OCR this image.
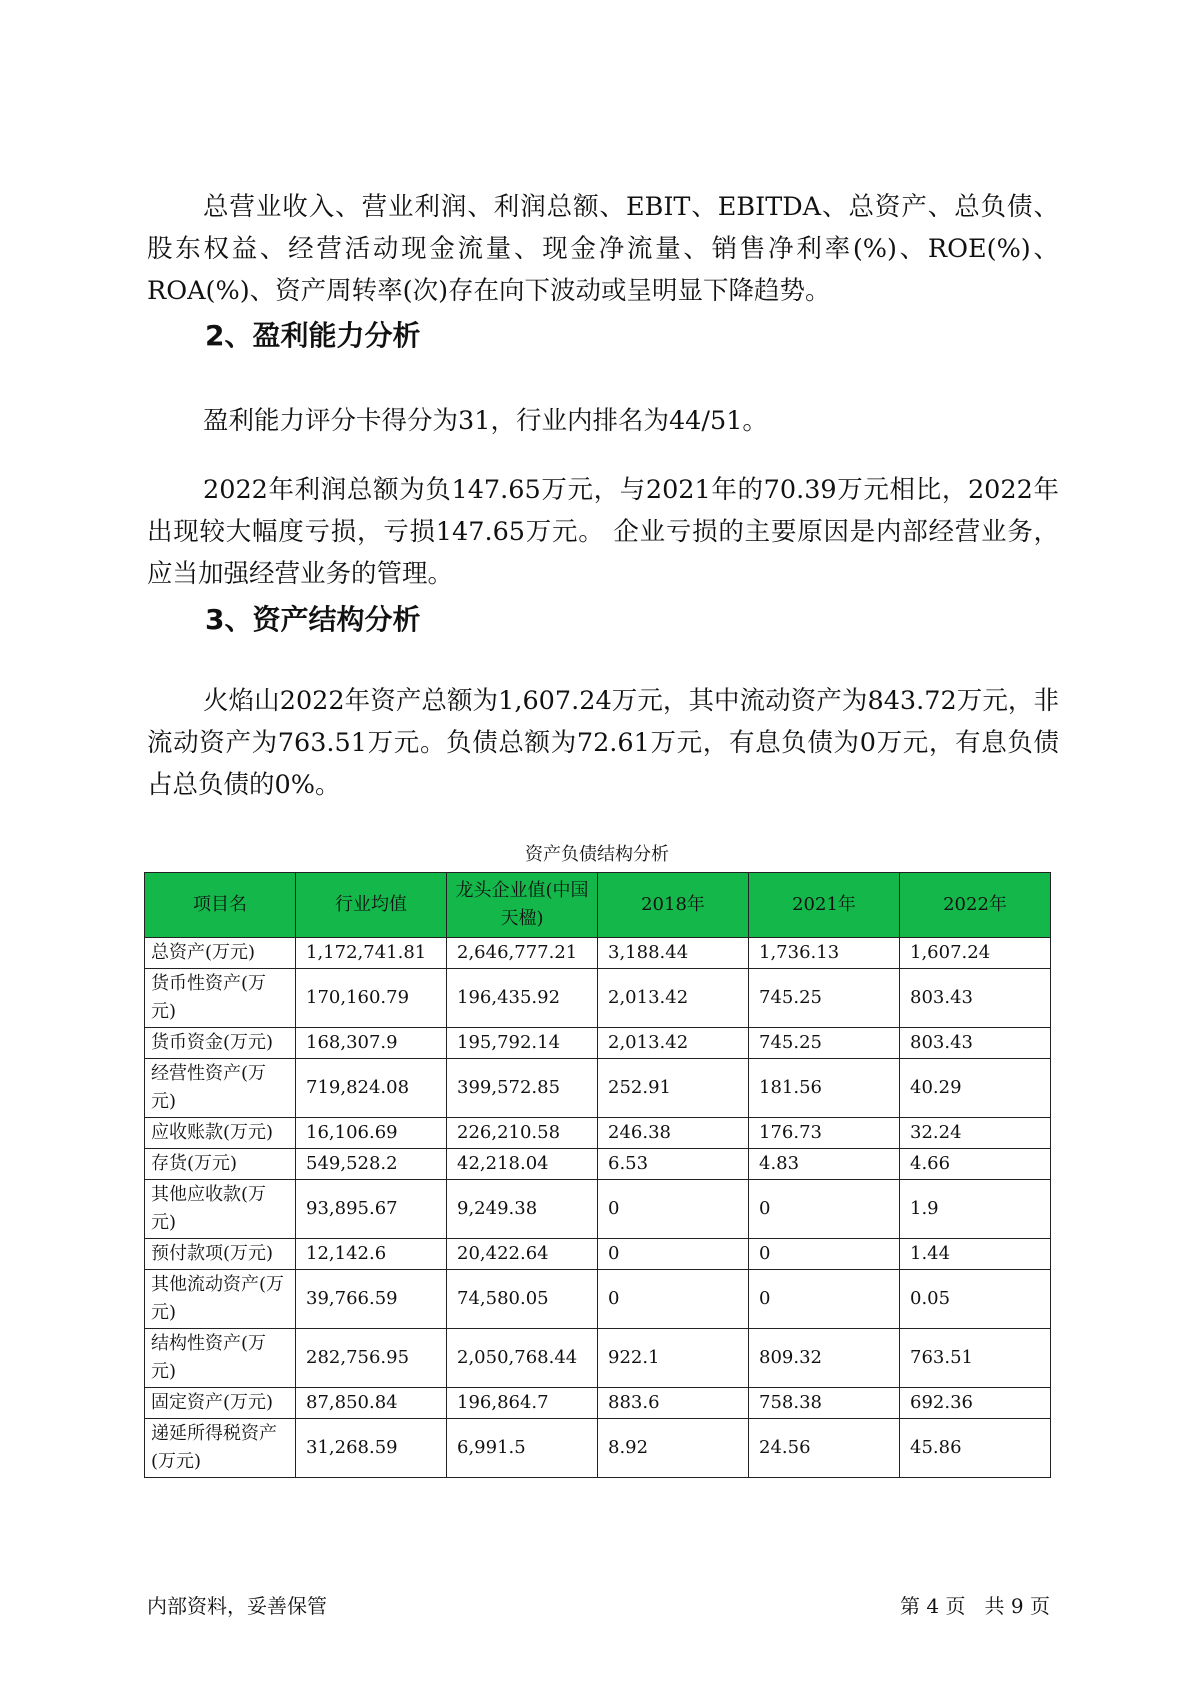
总营业收入、营业利润、利润总额、EBIT、EBITDA、总资产、总负债、股东权益、经营活动现金流量、现金净流量、销售净利率(%)、ROE(%)、ROA(%)、资产周转率(次)存在向下波动或呈明显下降趋势。

2、盈利能力分析

盈利能力评分卡得分为31，行业内排名为44/51。

2022年利润总额为负147.65万元，与2021年的70.39万元相比，2022年出现较大幅度亏损，亏损147.65万元。 企业亏损的主要原因是内部经营业务，应当加强经营业务的管理。

3、资产结构分析

火焰山2022年资产总额为1,607.24万元，其中流动资产为843.72万元，非流动资产为763.51万元。负债总额为72.61万元，有息负债为0万元，有息负债占总负债的0%。

资产负债结构分析
项目名	行业均值	龙头企业值(中国天楹)	2018年	2021年	2022年
总资产(万元)	1,172,741.81	2,646,777.21	3,188.44	1,736.13	1,607.24
货币性资产(万元)	170,160.79	196,435.92	2,013.42	745.25	803.43
货币资金(万元)	168,307.9	195,792.14	2,013.42	745.25	803.43
经营性资产(万元)	719,824.08	399,572.85	252.91	181.56	40.29
应收账款(万元)	16,106.69	226,210.58	246.38	176.73	32.24
存货(万元)	549,528.2	42,218.04	6.53	4.83	4.66
其他应收款(万元)	93,895.67	9,249.38	0	0	1.9
预付款项(万元)	12,142.6	20,422.64	0	0	1.44
其他流动资产(万元)	39,766.59	74,580.05	0	0	0.05
结构性资产(万元)	282,756.95	2,050,768.44	922.1	809.32	763.51
固定资产(万元)	87,850.84	196,864.7	883.6	758.38	692.36
递延所得税资产(万元)	31,268.59	6,991.5	8.92	24.56	45.86
内部资料，妥善保管	第 4 页   共 9 页
